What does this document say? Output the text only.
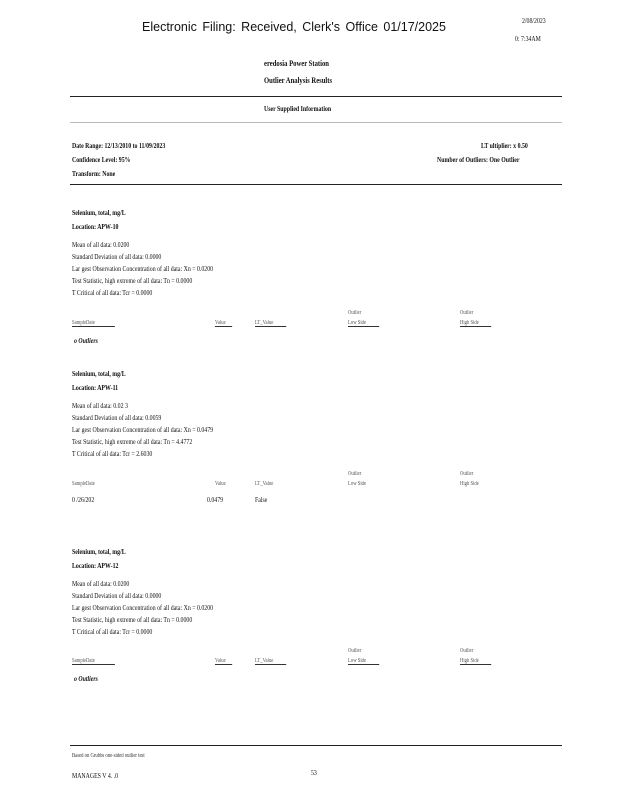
Electronic Filing: Received, Clerk's Office 01/17/2025	2/08/2023
0: 7:34AM
eredosia Power Station
Outlier Analysis Results
User Supplied Information
Date Range: 12/13/2010 to 11/09/2023	LT ultiplier: x 0.50
Confidence Level: 95%	Number of Outliers: One Outlier
Transform: None
Selenium, total, mg/L
Location: APW-10
Mean of all data: 0.0200
Standard Deviation of all data: 0.0000
Lar gest Observation Concentration of all data: Xn = 0.0200
Test Statistic, high extreme of all data: Tn = 0.0000
T Critical of all data: Tcr = 0.0000
Outlier	Outlier
SampleDate	Value	LT_Value	Low Side	High Side
o Outliers
Selenium, total, mg/L
Location: APW-11
Mean of all data: 0.02 3
Standard Deviation of all data: 0.0059
Lar gest Observation Concentration of all data: Xn = 0.0479
Test Statistic, high extreme of all data: Tn = 4.4772
T Critical of all data: Tcr = 2.6030
Outlier	Outlier
SampleDate	Value	LT_Value	Low Side	High Side
0 /26/202	0.0479	False
Selenium, total, mg/L
Location: APW-12
Mean of all data: 0.0200
Standard Deviation of all data: 0.0000
Lar gest Observation Concentration of all data: Xn = 0.0200
Test Statistic, high extreme of all data: Tn = 0.0000
T Critical of all data: Tcr = 0.0000
Outlier	Outlier
SampleDate	Value	LT_Value	Low Side	High Side
o Outliers
Based on Grubbs one-sided outlier test
MANAGES V 4. .0	53
